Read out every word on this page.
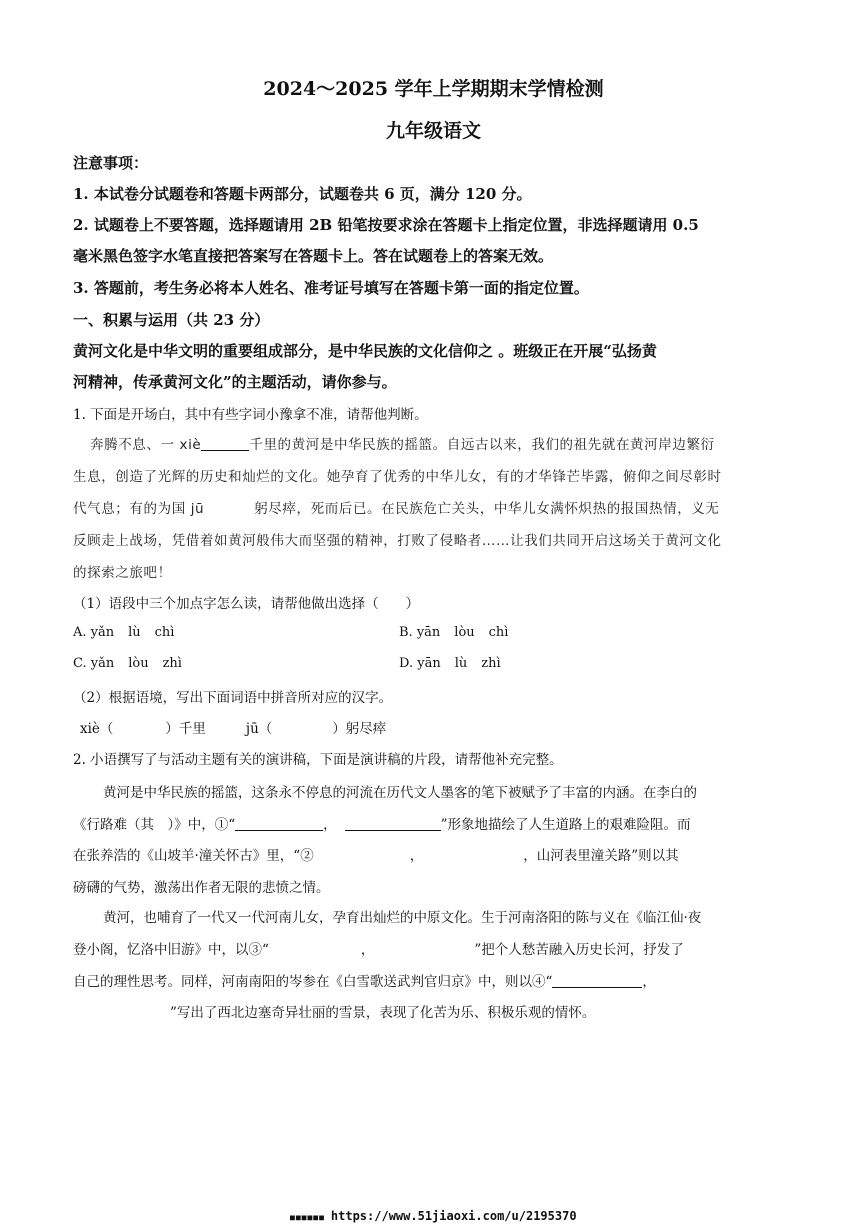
2024～2025 学年上学期期末学情检测
九年级语文
注意事项：
1. 本试卷分试题卷和答题卡两部分，试题卷共 6 页，满分 120 分。
2. 试题卷上不要答题，选择题请用 2B 铅笔按要求涂在答题卡上指定位置，非选择题请用 0.5
毫米黑色签字水笔直接把答案写在答题卡上。答在试题卷上的答案无效。
3. 答题前，考生务必将本人姓名、准考证号填写在答题卡第一面的指定位置。
一、积累与运用（共 23 分）
黄河文化是中华文明的重要组成部分，是中华民族的文化信仰之 。班级正在开展“弘扬黄
河精神，传承黄河文化”的主题活动，请你参与。
1. 下面是开场白，其中有些字词小豫拿不准，请帮他判断。
奔腾不息、一 xiè	千里的黄河是中华民族的摇篮。自远古以来，我们的祖先就在黄河岸边繁衍
生息，创造了光辉的历史和灿烂的文化。她孕育了优秀的中华儿女，有的才华锋芒毕露，俯仰之间尽彰时
代气息；有的为国 jū	躬尽瘁，死而后已。在民族危亡关头，中华儿女满怀炽热的报国热情，义无
反顾走上战场，凭借着如黄河般伟大而坚强的精神，打败了侵略者……让我们共同开启这场关于黄河文化
的探索之旅吧！
（1）语段中三个加点字怎么读，请帮他做出选择（　　）
A. yǎn lù chì	B. yān lòu chì
C. yǎn lòu zhì	D. yān lù zhì
（2）根据语境，写出下面词语中拼音所对应的汉字。
xiè（	）千里	jū（	）躬尽瘁
2. 小语撰写了与活动主题有关的演讲稿，下面是演讲稿的片段，请帮他补充完整。
黄河是中华民族的摇篮，这条永不停息的河流在历代文人墨客的笔下被赋予了丰富的内涵。在李白的
《行路难（其　）》中，①“	，	”形象地描绘了人生道路上的艰难险阻。而
在张养浩的《山坡羊·潼关怀古》里，“②	，	，山河表里潼关路”则以其
磅礴的气势，激荡出作者无限的悲愤之情。
黄河，也哺育了一代又一代河南儿女，孕育出灿烂的中原文化。生于河南洛阳的陈与义在《临江仙·夜
登小阁，忆洛中旧游》中，以③“	，	”把个人愁苦融入历史长河，抒发了
自己的理性思考。同样，河南南阳的岑参在《白雪歌送武判官归京》中，则以④“	，
”写出了西北边塞奇异壮丽的雪景，表现了化苦为乐、积极乐观的情怀。
■■■■■■ https://www.51jiaoxi.com/u/2195370
